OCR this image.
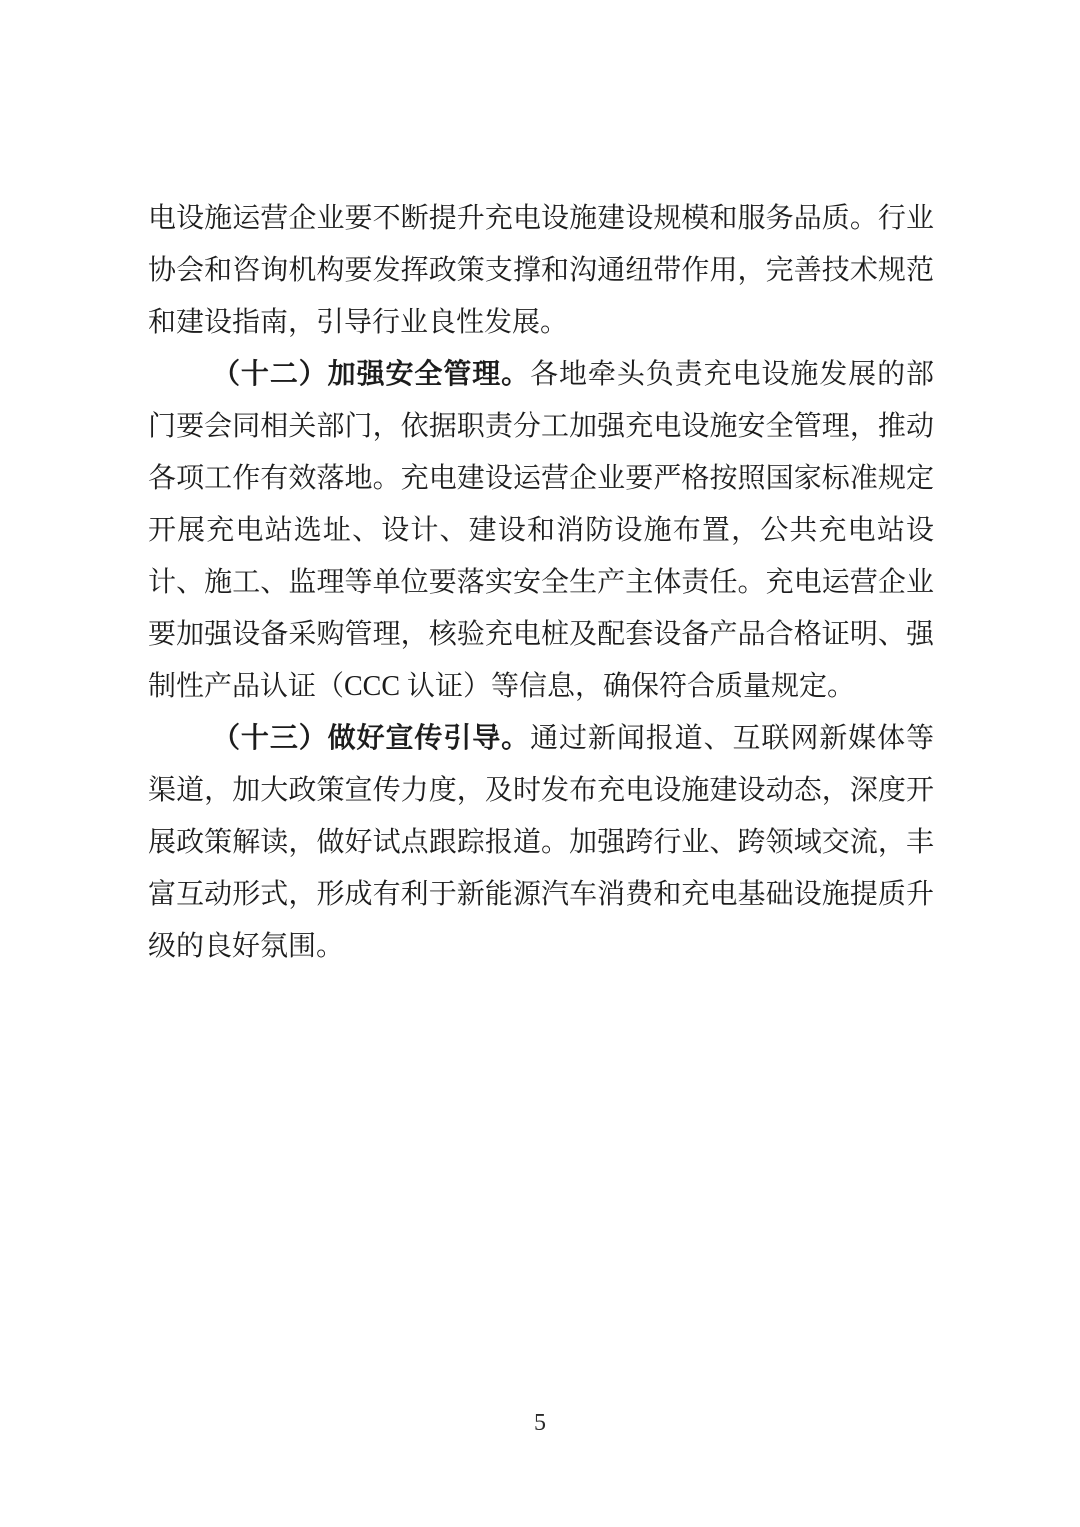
电设施运营企业要不断提升充电设施建设规模和服务品质。行业协会和咨询机构要发挥政策支撑和沟通纽带作用，完善技术规范和建设指南，引导行业良性发展。

（十二）加强安全管理。各地牵头负责充电设施发展的部门要会同相关部门，依据职责分工加强充电设施安全管理，推动各项工作有效落地。充电建设运营企业要严格按照国家标准规定开展充电站选址、设计、建设和消防设施布置，公共充电站设计、施工、监理等单位要落实安全生产主体责任。充电运营企业要加强设备采购管理，核验充电桩及配套设备产品合格证明、强制性产品认证（CCC 认证）等信息，确保符合质量规定。

（十三）做好宣传引导。通过新闻报道、互联网新媒体等渠道，加大政策宣传力度，及时发布充电设施建设动态，深度开展政策解读，做好试点跟踪报道。加强跨行业、跨领域交流，丰富互动形式，形成有利于新能源汽车消费和充电基础设施提质升级的良好氛围。

5
